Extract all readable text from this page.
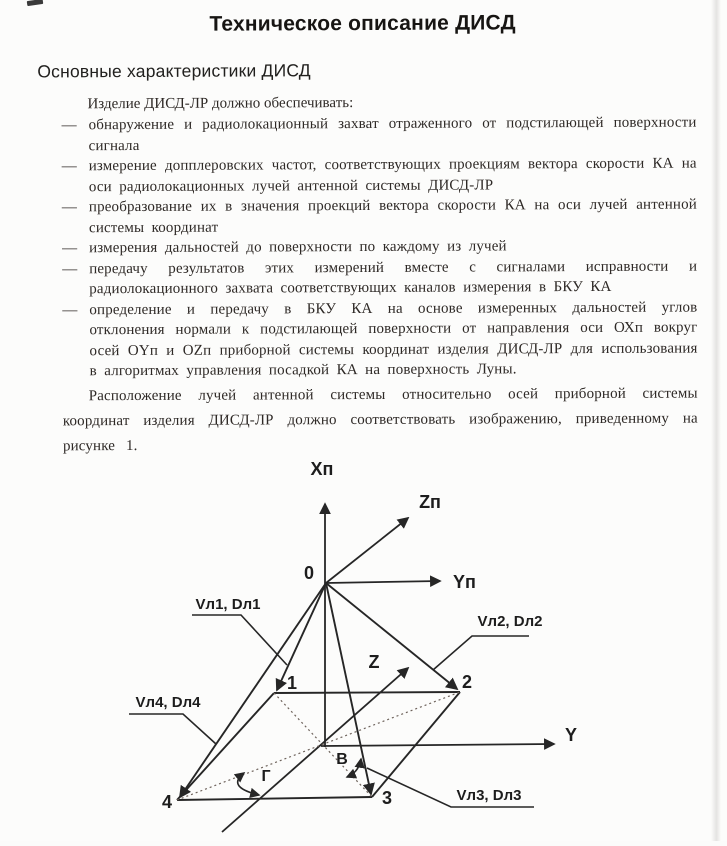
Техническое описание ДИСД
Основные характеристики ДИСД

Изделие ДИСД-ЛР должно обеспечивать:

— обнаружение и радиолокационный захват отраженного от подстилающей поверхности сигнала
— измерение допплеровских частот, соответствующих проекциям вектора скорости КА на оси радиолокационных лучей антенной системы ДИСД-ЛР
— преобразование их в значения проекций вектора скорости КА на оси лучей антенной системы координат
— измерения дальностей до поверхности по каждому из лучей
— передачу результатов этих измерений вместе с сигналами исправности и радиолокационного захвата соответствующих каналов измерения в БКУ КА
— определение и передачу в БКУ КА на основе измеренных дальностей углов отклонения нормали к подстилающей поверхности от направления оси ОХп вокруг осей ОYп и ОZп приборной системы координат изделия ДИСД-ЛР для использования в алгоритмах управления посадкой КА на поверхность Луны.

Расположение лучей антенной системы относительно осей приборной системы координат изделия ДИСД-ЛР должно соответствовать изображению, приведенному на рисунке 1.

Хп
Zп
Yп
Y
Z
0
1	2
3
4
Г
В
Vл1, Dл1
Vл2, Dл2
Vл3, Dл3
Vл4, Dл4
